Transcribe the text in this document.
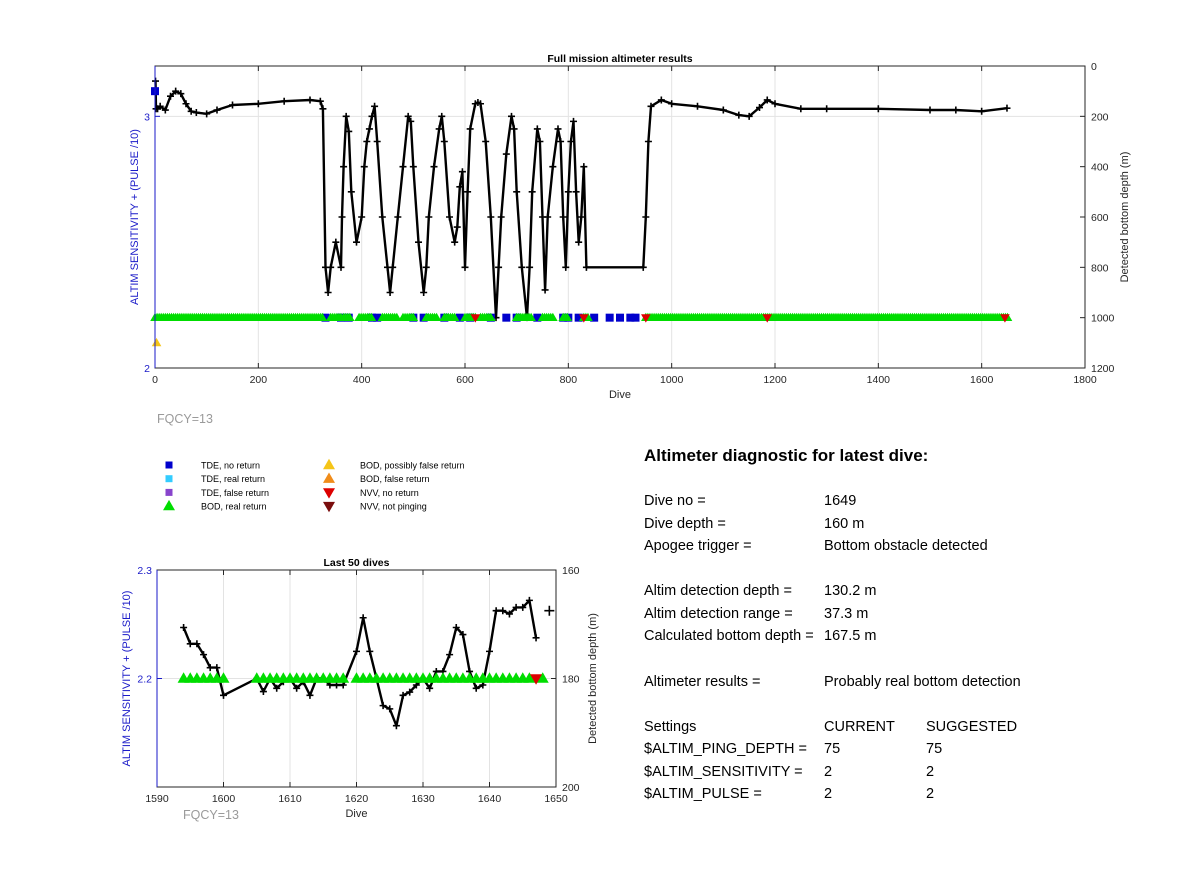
0	200	400	600	800	1000	1200	1400	1600	1800
2
3
0
200
400
600
800
1000
1200
Full mission altimeter results
Dive
ALTIM SENSITIVITY + (PULSE /10)	Detected bottom depth (m)
1590	1600	1610	1620	1630	1640	1650
2.2
2.3	160
180
200
Last 50 dives
Dive
ALTIM SENSITIVITY + (PULSE /10)	Detected bottom depth (m)
TDE, no return
TDE, real return
TDE, false return
BOD, real return
BOD, possibly false return
BOD, false return
NVV, no return
NVV, not pinging
FQCY=13
FQCY=13
Altimeter diagnostic for latest dive:
Dive no =	1649
Dive depth =	160 m
Apogee trigger =	Bottom obstacle detected
Altim detection depth = 130.2 m
Altim detection range = 37.3 m
Calculated bottom depth = 167.5 m
Altimeter results =	Probably real bottom detection
Settings	CURRENT SUGGESTED
$ALTIM_PING_DEPTH = 75	75
$ALTIM_SENSITIVITY = 2	2
$ALTIM_PULSE =	2	2
